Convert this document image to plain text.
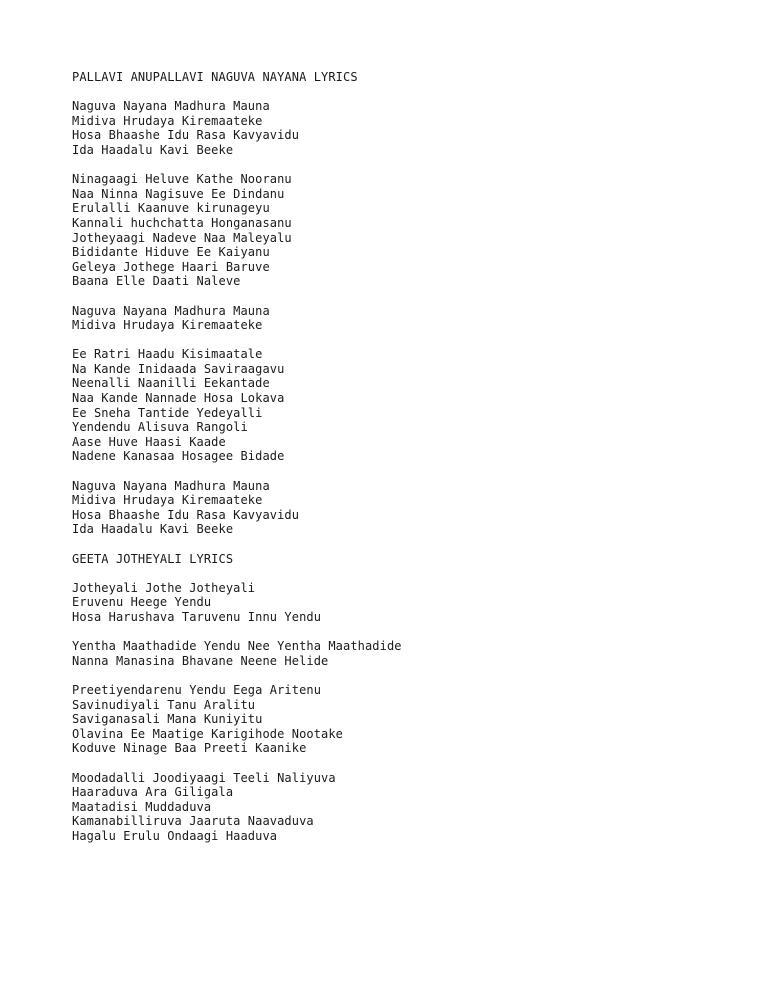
PALLAVI ANUPALLAVI NAGUVA NAYANA LYRICS
Naguva Nayana Madhura Mauna
Midiva Hrudaya Kiremaateke
Hosa Bhaashe Idu Rasa Kavyavidu
Ida Haadalu Kavi Beeke
Ninagaagi Heluve Kathe Nooranu
Naa Ninna Nagisuve Ee Dindanu
Erulalli Kaanuve kirunageyu
Kannali huchchatta Honganasanu
Jotheyaagi Nadeve Naa Maleyalu
Bididante Hiduve Ee Kaiyanu
Geleya Jothege Haari Baruve
Baana Elle Daati Naleve
Naguva Nayana Madhura Mauna
Midiva Hrudaya Kiremaateke
Ee Ratri Haadu Kisimaatale
Na Kande Inidaada Saviraagavu
Neenalli Naanilli Eekantade
Naa Kande Nannade Hosa Lokava
Ee Sneha Tantide Yedeyalli
Yendendu Alisuva Rangoli
Aase Huve Haasi Kaade
Nadene Kanasaa Hosagee Bidade
Naguva Nayana Madhura Mauna
Midiva Hrudaya Kiremaateke
Hosa Bhaashe Idu Rasa Kavyavidu
Ida Haadalu Kavi Beeke
GEETA JOTHEYALI LYRICS
Jotheyali Jothe Jotheyali
Eruvenu Heege Yendu
Hosa Harushava Taruvenu Innu Yendu
Yentha Maathadide Yendu Nee Yentha Maathadide
Nanna Manasina Bhavane Neene Helide
Preetiyendarenu Yendu Eega Aritenu
Savinudiyali Tanu Aralitu
Saviganasali Mana Kuniyitu
Olavina Ee Maatige Karigihode Nootake
Koduve Ninage Baa Preeti Kaanike
Moodadalli Joodiyaagi Teeli Naliyuva
Haaraduva Ara Giligala
Maatadisi Muddaduva
Kamanabilliruva Jaaruta Naavaduva
Hagalu Erulu Ondaagi Haaduva
